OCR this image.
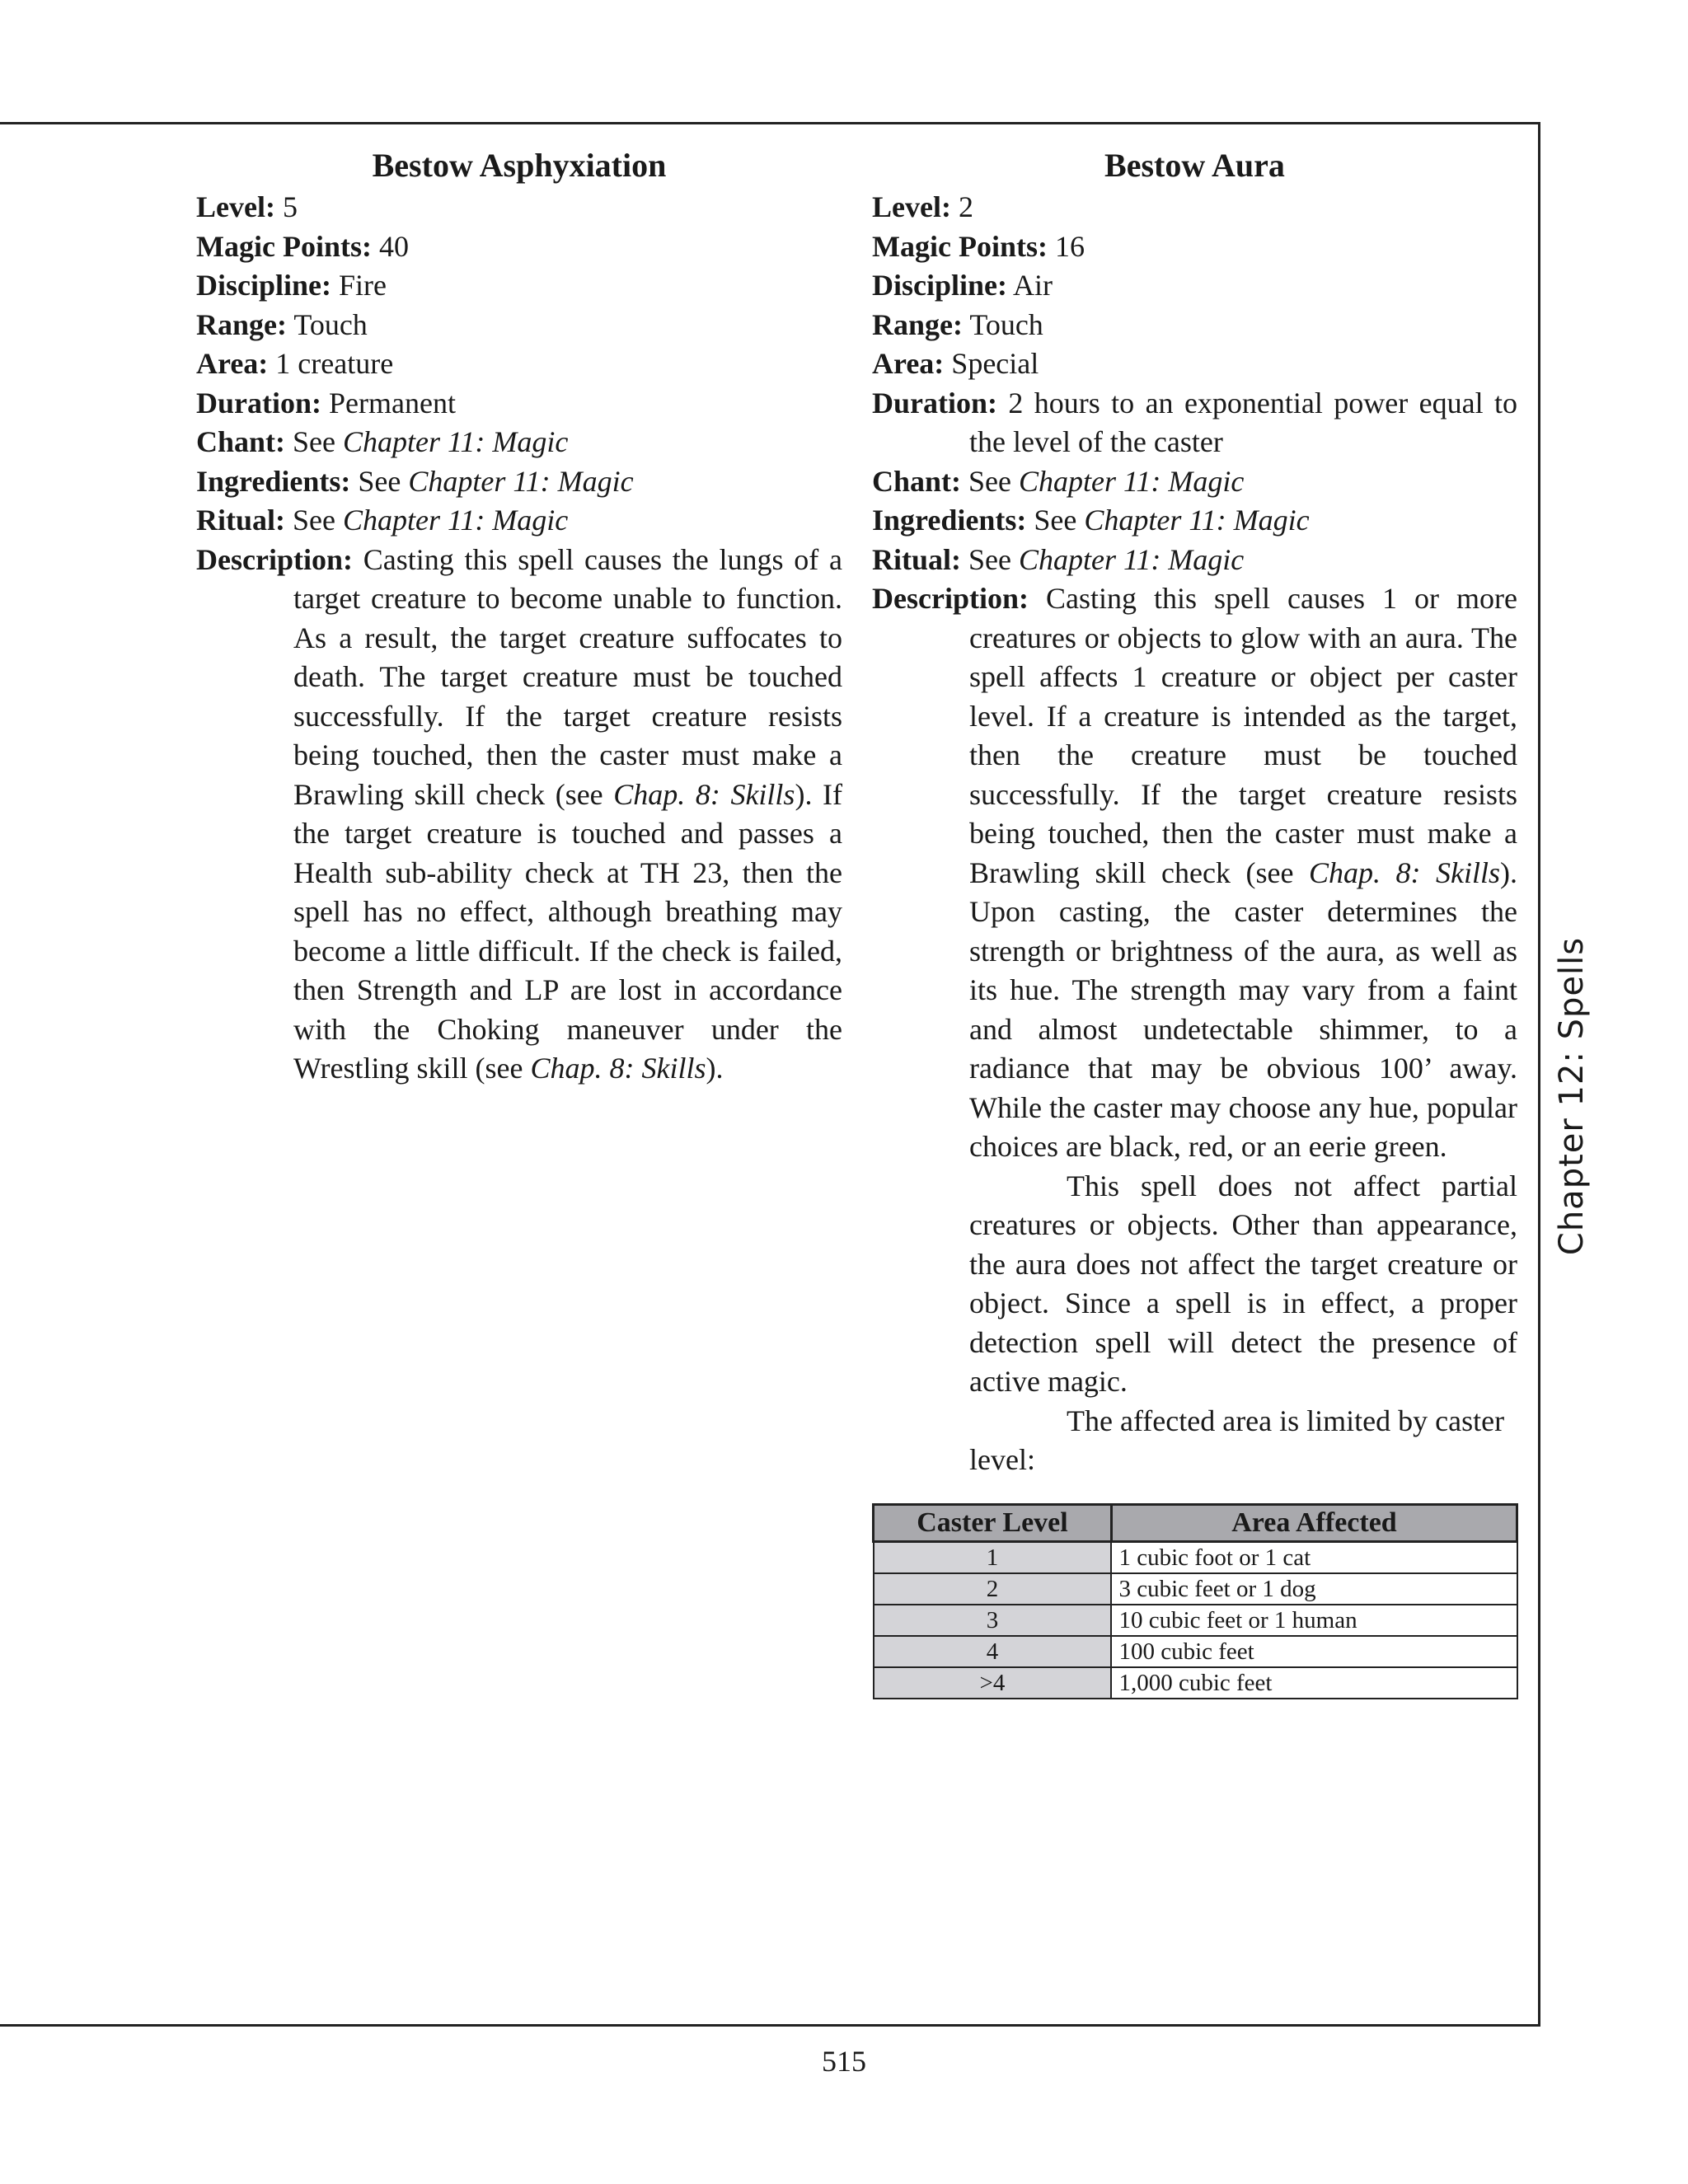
Bestow Asphyxiation

Level: 5

Magic Points: 40

Discipline: Fire

Range: Touch

Area: 1 creature

Duration: Permanent

Chant: See Chapter 11: Magic

Ingredients: See Chapter 11: Magic

Ritual: See Chapter 11: Magic

Description: Casting this spell causes the lungs of a target creature to become unable to function. As a result, the target creature suffocates to death. The target creature must be touched successfully. If the target creature resists being touched, then the caster must make a Brawling skill check (see Chap. 8: Skills). If the target creature is touched and passes a Health sub-ability check at TH 23, then the spell has no effect, although breathing may become a little difficult. If the check is failed, then Strength and LP are lost in accordance with the Choking maneuver under the Wrestling skill (see Chap. 8: Skills).

Bestow Aura

Level: 2

Magic Points: 16

Discipline: Air

Range: Touch

Area: Special

Duration: 2 hours to an exponential power equal to the level of the caster

Chant: See Chapter 11: Magic

Ingredients: See Chapter 11: Magic

Ritual: See Chapter 11: Magic

Description: Casting this spell causes 1 or more creatures or objects to glow with an aura. The spell affects 1 creature or object per caster level. If a creature is intended as the target, then the creature must be touched successfully. If the target creature resists being touched, then the caster must make a Brawling skill check (see Chap. 8: Skills). Upon casting, the caster determines the strength or brightness of the aura, as well as its hue. The strength may vary from a faint and almost undetectable shimmer, to a radiance that may be obvious 100’ away. While the caster may choose any hue, popular choices are black, red, or an eerie green.

This spell does not affect partial creatures or objects. Other than appearance, the aura does not affect the target creature or object. Since a spell is in effect, a proper detection spell will detect the presence of active magic.

The affected area is limited by caster level:

Caster Level	Area Affected
1	1 cubic foot or 1 cat
2	3 cubic feet or 1 dog
3	10 cubic feet or 1 human
4	100 cubic feet
>4	1,000 cubic feet
Chapter 12: Spells
515
